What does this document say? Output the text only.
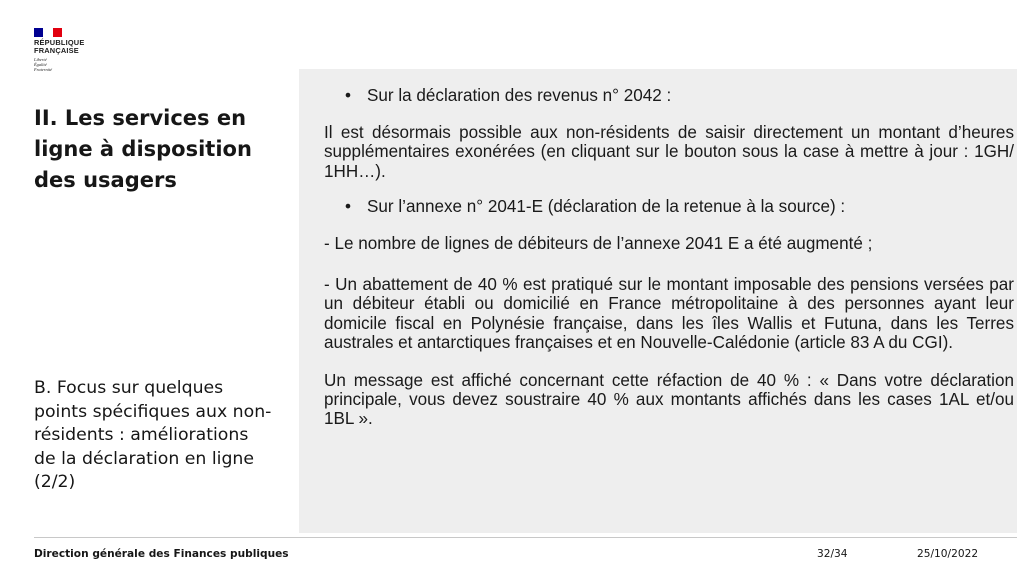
RÉPUBLIQUE
FRANÇAISE
Liberté
Égalité
Fraternité
II. Les services en ligne à disposition des usagers

B. Focus sur quelques points spécifiques aux non-résidents : améliorations de la déclaration en ligne (2/2)

• Sur la déclaration des revenus n° 2042 :

Il est désormais possible aux non-résidents de saisir directement un montant d’heures supplémentaires exonérées (en cliquant sur le bouton sous la case à mettre à jour : 1GH/ 1HH…).

• Sur l’annexe n° 2041-E (déclaration de la retenue à la source) :

- Le nombre de lignes de débiteurs de l’annexe 2041 E a été augmenté ;

- Un abattement de 40 % est pratiqué sur le montant imposable des pensions versées par un débiteur établi ou domicilié en France métropolitaine à des personnes ayant leur domicile fiscal en Polynésie française, dans les îles Wallis et Futuna, dans les Terres australes et antarctiques françaises et en Nouvelle-Calédonie (article 83 A du CGI).

Un message est affiché concernant cette réfaction de 40 % : « Dans votre déclaration principale, vous devez soustraire 40 % aux montants affichés dans les cases 1AL et/ou 1BL ».

Direction générale des Finances publiques	32/34	25/10/2022
